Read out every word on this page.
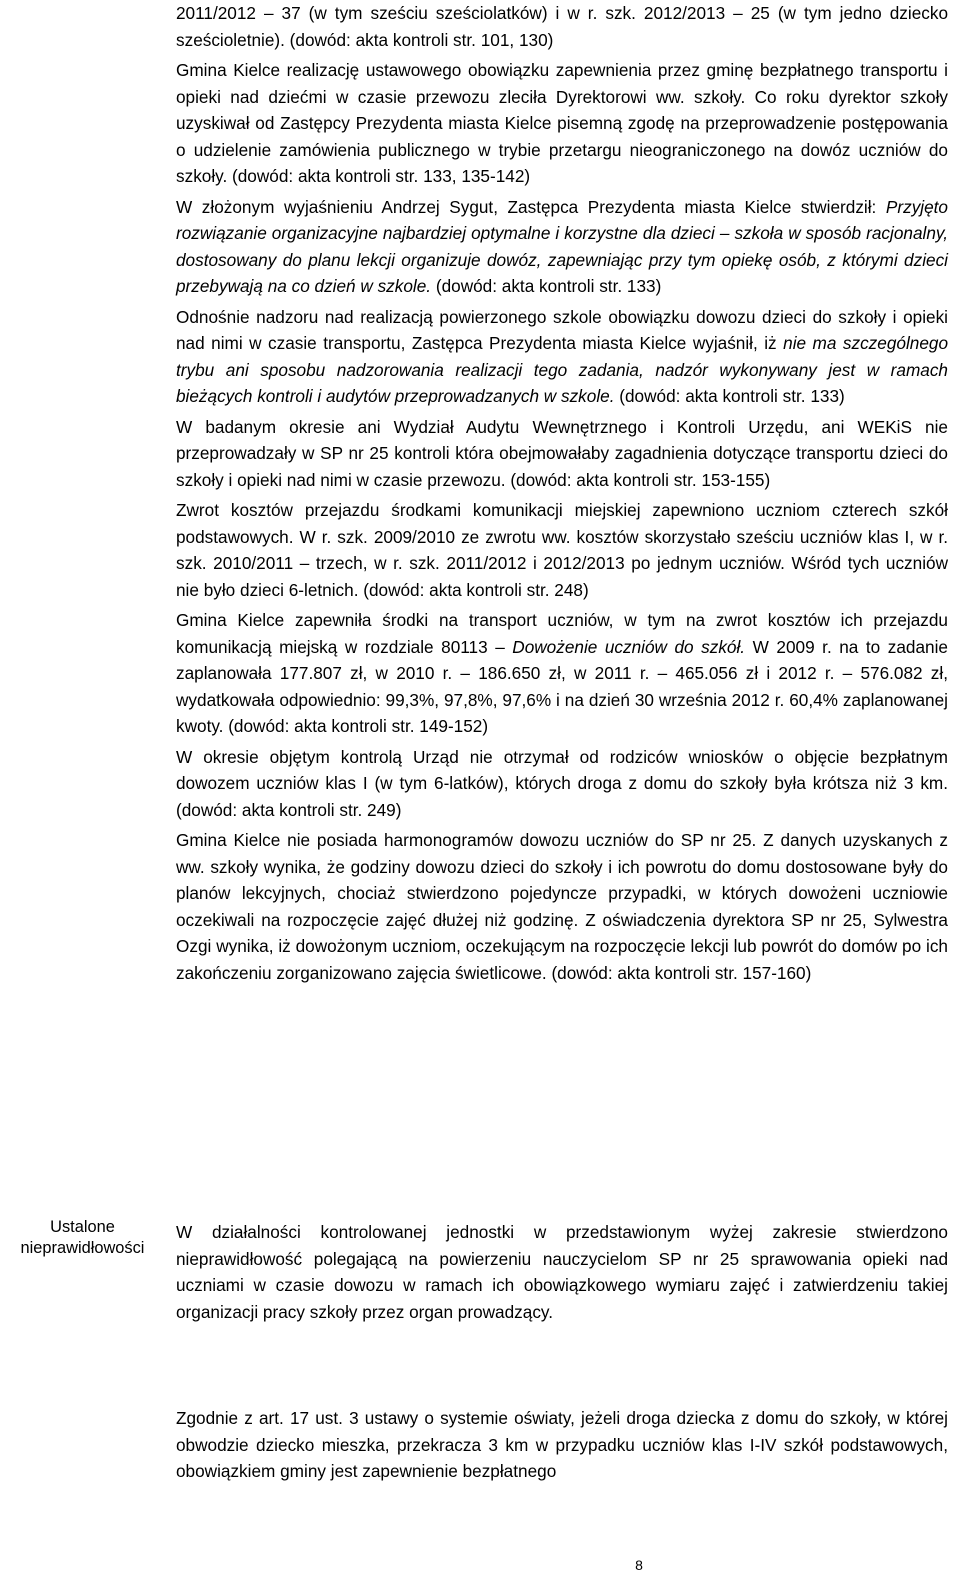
2011/2012 – 37 (w tym sześciu sześciolatków) i w r. szk. 2012/2013 – 25 (w tym jedno dziecko sześcioletnie). (dowód: akta kontroli str. 101, 130)

Gmina Kielce realizację ustawowego obowiązku zapewnienia przez gminę bezpłatnego transportu i opieki nad dziećmi w czasie przewozu zleciła Dyrektorowi ww. szkoły. Co roku dyrektor szkoły uzyskiwał od Zastępcy Prezydenta miasta Kielce pisemną zgodę na przeprowadzenie postępowania o udzielenie zamówienia publicznego w trybie przetargu nieograniczonego na dowóz uczniów do szkoły. (dowód: akta kontroli str. 133, 135-142)

W złożonym wyjaśnieniu Andrzej Sygut, Zastępca Prezydenta miasta Kielce stwierdził: Przyjęto rozwiązanie organizacyjne najbardziej optymalne i korzystne dla dzieci – szkoła w sposób racjonalny, dostosowany do planu lekcji organizuje dowóz, zapewniając przy tym opiekę osób, z którymi dzieci przebywają na co dzień w szkole. (dowód: akta kontroli str. 133)

Odnośnie nadzoru nad realizacją powierzonego szkole obowiązku dowozu dzieci do szkoły i opieki nad nimi w czasie transportu, Zastępca Prezydenta miasta Kielce wyjaśnił, iż nie ma szczególnego trybu ani sposobu nadzorowania realizacji tego zadania, nadzór wykonywany jest w ramach bieżących kontroli i audytów przeprowadzanych w szkole. (dowód: akta kontroli str. 133)

W badanym okresie ani Wydział Audytu Wewnętrznego i Kontroli Urzędu, ani WEKiS nie przeprowadzały w SP nr 25 kontroli która obejmowałaby zagadnienia dotyczące transportu dzieci do szkoły i opieki nad nimi w czasie przewozu. (dowód: akta kontroli str. 153-155)

Zwrot kosztów przejazdu środkami komunikacji miejskiej zapewniono uczniom czterech szkół podstawowych. W r. szk. 2009/2010 ze zwrotu ww. kosztów skorzystało sześciu uczniów klas I, w r. szk. 2010/2011 – trzech, w r. szk. 2011/2012 i 2012/2013 po jednym uczniów. Wśród tych uczniów nie było dzieci 6-letnich. (dowód: akta kontroli str. 248)

Gmina Kielce zapewniła środki na transport uczniów, w tym na zwrot kosztów ich przejazdu komunikacją miejską w rozdziale 80113 – Dowożenie uczniów do szkół. W 2009 r. na to zadanie zaplanowała 177.807 zł, w 2010 r. – 186.650 zł, w 2011 r. – 465.056 zł i 2012 r. – 576.082 zł, wydatkowała odpowiednio: 99,3%, 97,8%, 97,6% i na dzień 30 września 2012 r. 60,4% zaplanowanej kwoty. (dowód: akta kontroli str. 149-152)

W okresie objętym kontrolą Urząd nie otrzymał od rodziców wniosków o objęcie bezpłatnym dowozem uczniów klas I (w tym 6-latków), których droga z domu do szkoły była krótsza niż 3 km. (dowód: akta kontroli str. 249)

Gmina Kielce nie posiada harmonogramów dowozu uczniów do SP nr 25. Z danych uzyskanych z ww. szkoły wynika, że godziny dowozu dzieci do szkoły i ich powrotu do domu dostosowane były do planów lekcyjnych, chociaż stwierdzono pojedyncze przypadki, w których dowożeni uczniowie oczekiwali na rozpoczęcie zajęć dłużej niż godzinę. Z oświadczenia dyrektora SP nr 25, Sylwestra Ozgi wynika, iż dowożonym uczniom, oczekującym na rozpoczęcie lekcji lub powrót do domów po ich zakończeniu zorganizowano zajęcia świetlicowe. (dowód: akta kontroli str. 157-160)

Ustalone nieprawidłowości

W działalności kontrolowanej jednostki w przedstawionym wyżej zakresie stwierdzono nieprawidłowość polegającą na powierzeniu nauczycielom SP nr 25 sprawowania opieki nad uczniami w czasie dowozu w ramach ich obowiązkowego wymiaru zajęć i zatwierdzeniu takiej organizacji pracy szkoły przez organ prowadzący.

Zgodnie z art. 17 ust. 3 ustawy o systemie oświaty, jeżeli droga dziecka z domu do szkoły, w której obwodzie dziecko mieszka, przekracza 3 km w przypadku uczniów klas I-IV szkół podstawowych, obowiązkiem gminy jest zapewnienie bezpłatnego

8
